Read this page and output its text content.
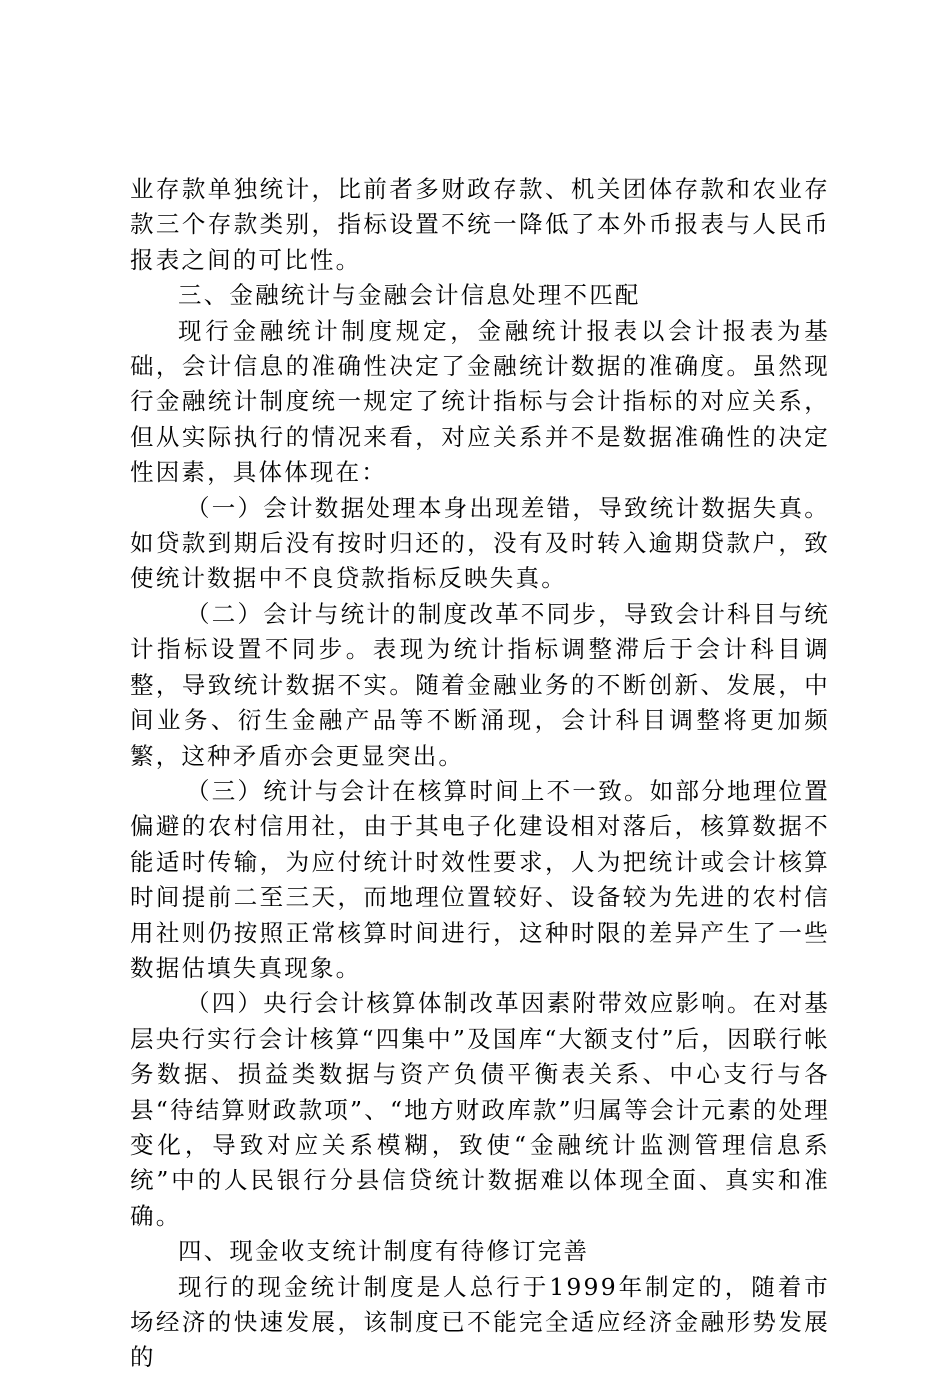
业存款单独统计，比前者多财政存款、机关团体存款和农业存款三个存款类别，指标设置不统一降低了本外币报表与人民币报表之间的可比性。

三、金融统计与金融会计信息处理不匹配

现行金融统计制度规定，金融统计报表以会计报表为基础，会计信息的准确性决定了金融统计数据的准确度。虽然现行金融统计制度统一规定了统计指标与会计指标的对应关系，但从实际执行的情况来看，对应关系并不是数据准确性的决定性因素，具体体现在：

（一）会计数据处理本身出现差错，导致统计数据失真。如贷款到期后没有按时归还的，没有及时转入逾期贷款户，致使统计数据中不良贷款指标反映失真。

（二）会计与统计的制度改革不同步，导致会计科目与统计指标设置不同步。表现为统计指标调整滞后于会计科目调整，导致统计数据不实。随着金融业务的不断创新、发展，中间业务、衍生金融产品等不断涌现，会计科目调整将更加频繁，这种矛盾亦会更显突出。

（三）统计与会计在核算时间上不一致。如部分地理位置偏避的农村信用社，由于其电子化建设相对落后，核算数据不能适时传输，为应付统计时效性要求，人为把统计或会计核算时间提前二至三天，而地理位置较好、设备较为先进的农村信用社则仍按照正常核算时间进行，这种时限的差异产生了一些数据估填失真现象。

（四）央行会计核算体制改革因素附带效应影响。在对基层央行实行会计核算“四集中”及国库“大额支付”后，因联行帐务数据、损益类数据与资产负债平衡表关系、中心支行与各县“待结算财政款项”、“地方财政库款”归属等会计元素的处理变化，导致对应关系模糊，致使“金融统计监测管理信息系统”中的人民银行分县信贷统计数据难以体现全面、真实和准确。

四、现金收支统计制度有待修订完善

现行的现金统计制度是人总行于1999年制定的，随着市场经济的快速发展，该制度已不能完全适应经济金融形势发展的
